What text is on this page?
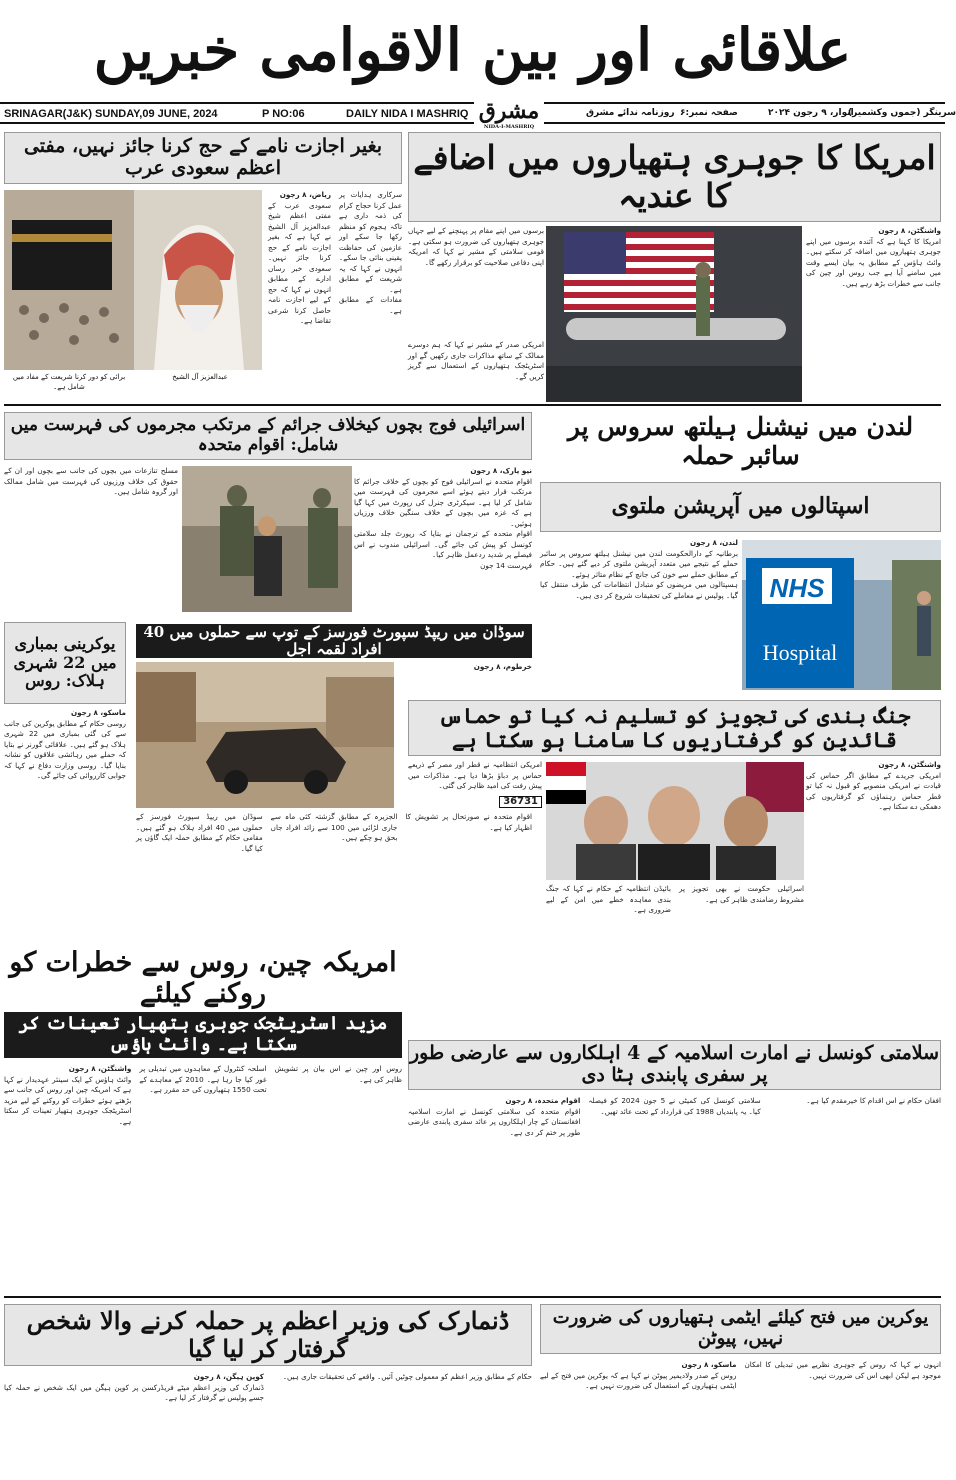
علاقائی اور بین الاقوامی خبریں
SRINAGAR(J&K) SUNDAY,09 JUNE, 2024	P NO:06	DAILY NIDA I MASHRIQ	روزنامہ ندائے مشرق صفحہ نمبر:۶	اتوار، ۹ رجون ۲۰۲۴
سرینگر (جموں وکشمیر)
مشرق
NIDA-I-MASHRIQ
بغیر اجازت نامے کے حج کرنا جائز نہیں، مفتی اعظم سعودی عرب
برائی کو دور کرنا شریعت کے مفاد میں شامل ہے۔
عبدالعزیز آل الشیخ
ریاض، ۸ رجون
سعودی عرب کے مفتی اعظم شیخ عبدالعزیز آل الشیخ نے کہا ہے کہ بغیر اجازت نامے کے حج کرنا جائز نہیں۔ سعودی خبر رساں ادارے کے مطابق انہوں نے کہا کہ حج کے لیے اجازت نامہ حاصل کرنا شرعی تقاضا ہے۔
سرکاری ہدایات پر عمل کرنا حجاج کرام کی ذمہ داری ہے تاکہ ہجوم کو منظم رکھا جا سکے اور عازمین کی حفاظت یقینی بنائی جا سکے۔ انہوں نے کہا کہ یہ شریعت کے مطابق ہے۔
مفادات کے مطابق ہے۔
امریکا کا جوہری ہتھیاروں میں اضافے کا عندیہ
برسوں میں اپنے مقام پر پہنچنے کے لیے جہاں جوہری ہتھیاروں کی ضرورت ہو سکتی ہے۔ قومی سلامتی کے مشیر نے کہا کہ امریکہ اپنی دفاعی صلاحیت کو برقرار رکھے گا۔
واشنگٹن، ۸ رجون
امریکا کا کہنا ہے کہ آئندہ برسوں میں اپنے جوہری ہتھیاروں میں اضافہ کر سکتے ہیں۔ وائٹ ہاؤس کے مطابق یہ بیان ایسے وقت میں سامنے آیا ہے جب روس اور چین کی جانب سے خطرات بڑھ رہے ہیں۔
امریکی صدر کے مشیر نے کہا کہ ہم دوسرے ممالک کے ساتھ مذاکرات جاری رکھیں گے اور اسٹریٹجک ہتھیاروں کے استعمال سے گریز کریں گے۔
اسرائیلی فوج بچوں کیخلاف جرائم کے مرتکب مجرموں کی فہرست میں شامل: اقوام متحدہ
نیو یارک، ۸ رجون
اقوام متحدہ نے اسرائیلی فوج کو بچوں کے خلاف جرائم کا مرتکب قرار دیتے ہوئے اسے مجرموں کی فہرست میں شامل کر لیا ہے۔ سیکرٹری جنرل کی رپورٹ میں کہا گیا ہے کہ غزہ میں بچوں کے خلاف سنگین خلاف ورزیاں ہوئیں۔
اقوام متحدہ کے ترجمان نے بتایا کہ رپورٹ جلد سلامتی کونسل کو پیش کی جائے گی۔ اسرائیلی مندوب نے اس فیصلے پر شدید ردعمل ظاہر کیا۔
فہرست 14 جون
مسلح تنازعات میں بچوں کی جانب سے بچوں اور ان کے حقوق کی خلاف ورزیوں کی فہرست میں شامل ممالک اور گروہ شامل ہیں۔
لندن میں نیشنل ہیلتھ سروس پر سائبر حملہ
اسپتالوں میں آپریشن ملتوی
لندن، ۸ رجون
برطانیہ کے دارالحکومت لندن میں نیشنل ہیلتھ سروس پر سائبر حملے کے نتیجے میں متعدد آپریشن ملتوی کر دیے گئے ہیں۔ حکام کے مطابق حملے سے خون کی جانچ کے نظام متاثر ہوئے۔
ہسپتالوں میں مریضوں کو متبادل انتظامات کی طرف منتقل کیا گیا۔ پولیس نے معاملے کی تحقیقات شروع کر دی ہیں۔ NHS
Hospital
یوکرینی بمباری میں 22 شہری ہلاک: روس
ماسکو، ۸ رجون
روسی حکام کے مطابق یوکرین کی جانب سے کی گئی بمباری میں 22 شہری ہلاک ہو گئے ہیں۔ علاقائی گورنر نے بتایا کہ حملے میں رہائشی علاقوں کو نشانہ بنایا گیا۔ روسی وزارت دفاع نے کہا کہ جوابی کارروائی کی جائے گی۔
سوڈان میں ریپڈ سپورٹ فورسز کے توپ سے حملوں میں 40 افراد لقمہ اجل
خرطوم، ۸ رجون
سوڈان میں ریپڈ سپورٹ فورسز کے حملوں میں 40 افراد ہلاک ہو گئے ہیں۔ مقامی حکام کے مطابق حملہ ایک گاؤں پر کیا گیا۔
الجزیرہ کے مطابق گزشتہ کئی ماہ سے جاری لڑائی میں 100 سے زائد افراد جاں بحق ہو چکے ہیں۔
اقوام متحدہ نے صورتحال پر تشویش کا اظہار کیا ہے۔
جنگ بندی کی تجویز کو تسلیم نہ کیا تو حماس قائدین کو گرفتاریوں کا سامنا ہو سکتا ہے
واشنگٹن، ۸ رجون
امریکی جریدے کے مطابق اگر حماس کی قیادت نے امریکی منصوبے کو قبول نہ کیا تو قطر حماس رہنماؤں کو گرفتاریوں کی دھمکی دے سکتا ہے۔
امریکی انتظامیہ نے قطر اور مصر کے ذریعے حماس پر دباؤ بڑھا دیا ہے۔ مذاکرات میں پیش رفت کی امید ظاہر کی گئی۔
36731
بائیڈن انتظامیہ کے حکام نے کہا کہ جنگ بندی معاہدہ خطے میں امن کے لیے ضروری ہے۔
اسرائیلی حکومت نے بھی تجویز پر مشروط رضامندی ظاہر کی ہے۔
امریکہ چین، روس سے خطرات کو روکنے کیلئے
مزید اسٹریٹجک جوہری ہتھیار تعینات کر سکتا ہے۔ وائٹ ہاؤس
واشنگٹن، ۸ رجون
وائٹ ہاؤس کے ایک سینئر عہدیدار نے کہا ہے کہ امریکہ چین اور روس کی جانب سے بڑھتے ہوئے خطرات کو روکنے کے لیے مزید اسٹریٹجک جوہری ہتھیار تعینات کر سکتا ہے۔
اسلحہ کنٹرول کے معاہدوں میں تبدیلی پر غور کیا جا رہا ہے۔ 2010 کے معاہدے کے تحت 1550 ہتھیاروں کی حد مقرر ہے۔
روس اور چین نے اس بیان پر تشویش ظاہر کی ہے۔
سلامتی کونسل نے امارت اسلامیہ کے 4 اہلکاروں سے عارضی طور پر سفری پابندی ہٹا دی
اقوام متحدہ، ۸ رجون
اقوام متحدہ کی سلامتی کونسل نے امارت اسلامیہ افغانستان کے چار اہلکاروں پر عائد سفری پابندی عارضی طور پر ختم کر دی ہے۔
سلامتی کونسل کی کمیٹی نے 5 جون 2024 کو فیصلہ کیا۔ یہ پابندیاں 1988 کی قرارداد کے تحت عائد تھیں۔
افغان حکام نے اس اقدام کا خیرمقدم کیا ہے۔
ڈنمارک کی وزیر اعظم پر حملہ کرنے والا شخص گرفتار کر لیا گیا
کوپن ہیگن، ۸ رجون
ڈنمارک کی وزیر اعظم میٹے فریڈرکسن پر کوپن ہیگن میں ایک شخص نے حملہ کیا جسے پولیس نے گرفتار کر لیا ہے۔
حکام کے مطابق وزیر اعظم کو معمولی چوٹیں آئیں۔ واقعے کی تحقیقات جاری ہیں۔
یوکرین میں فتح کیلئے ایٹمی ہتھیاروں کی ضرورت نہیں، پیوٹن
ماسکو، ۸ رجون
روس کے صدر ولادیمیر پیوٹن نے کہا ہے کہ یوکرین میں فتح کے لیے ایٹمی ہتھیاروں کے استعمال کی ضرورت نہیں ہے۔
انہوں نے کہا کہ روس کے جوہری نظریے میں تبدیلی کا امکان موجود ہے لیکن ابھی اس کی ضرورت نہیں۔
